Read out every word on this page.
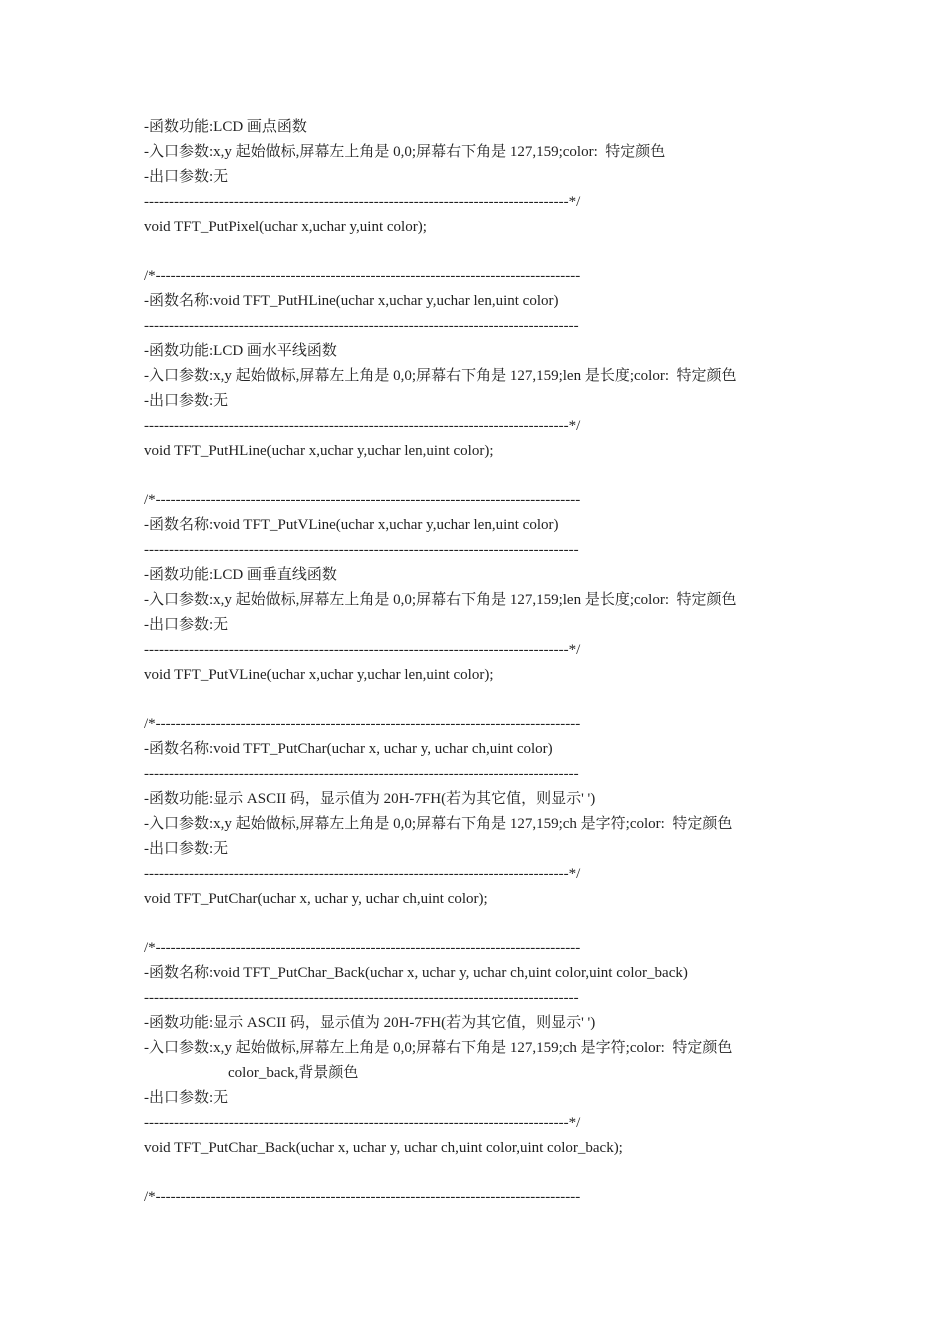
-函数功能:LCD 画点函数
-入口参数:x,y 起始做标,屏幕左上角是 0,0;屏幕右下角是 127,159;color:  特定颜色
-出口参数:无
-------------------------------------------------------------------------------------*/
void TFT_PutPixel(uchar x,uchar y,uint color);
/*-------------------------------------------------------------------------------------
-函数名称:void TFT_PutHLine(uchar x,uchar y,uchar len,uint color)
---------------------------------------------------------------------------------------
-函数功能:LCD 画水平线函数
-入口参数:x,y 起始做标,屏幕左上角是 0,0;屏幕右下角是 127,159;len 是长度;color:  特定颜色
-出口参数:无
-------------------------------------------------------------------------------------*/
void TFT_PutHLine(uchar x,uchar y,uchar len,uint color);
/*-------------------------------------------------------------------------------------
-函数名称:void TFT_PutVLine(uchar x,uchar y,uchar len,uint color)
---------------------------------------------------------------------------------------
-函数功能:LCD 画垂直线函数
-入口参数:x,y 起始做标,屏幕左上角是 0,0;屏幕右下角是 127,159;len 是长度;color:  特定颜色
-出口参数:无
-------------------------------------------------------------------------------------*/
void TFT_PutVLine(uchar x,uchar y,uchar len,uint color);
/*-------------------------------------------------------------------------------------
-函数名称:void TFT_PutChar(uchar x, uchar y, uchar ch,uint color)
---------------------------------------------------------------------------------------
-函数功能:显示 ASCII 码，显示值为 20H-7FH(若为其它值，则显示' ')
-入口参数:x,y 起始做标,屏幕左上角是 0,0;屏幕右下角是 127,159;ch 是字符;color:  特定颜色
-出口参数:无
-------------------------------------------------------------------------------------*/
void TFT_PutChar(uchar x, uchar y, uchar ch,uint color);
/*-------------------------------------------------------------------------------------
-函数名称:void TFT_PutChar_Back(uchar x, uchar y, uchar ch,uint color,uint color_back)
---------------------------------------------------------------------------------------
-函数功能:显示 ASCII 码，显示值为 20H-7FH(若为其它值，则显示' ')
-入口参数:x,y 起始做标,屏幕左上角是 0,0;屏幕右下角是 127,159;ch 是字符;color:  特定颜色
color_back,背景颜色
-出口参数:无
-------------------------------------------------------------------------------------*/
void TFT_PutChar_Back(uchar x, uchar y, uchar ch,uint color,uint color_back);
/*-------------------------------------------------------------------------------------
